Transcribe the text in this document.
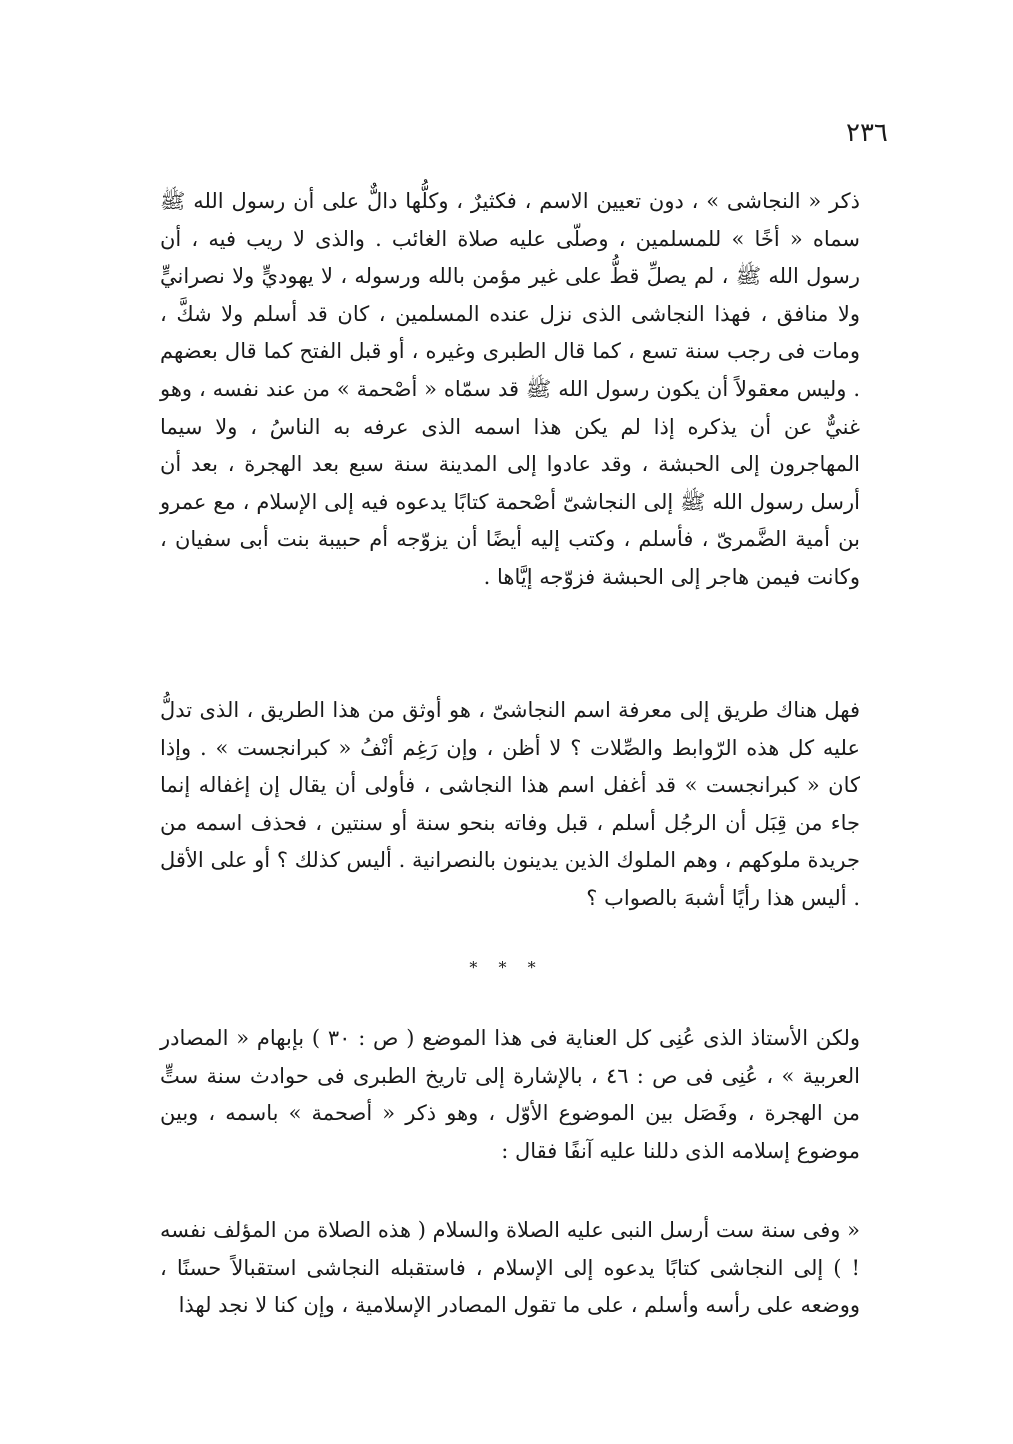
٢٣٦

ذكر « النجاشى » ، دون تعيين الاسم ، فكثيرٌ ، وكلُّها دالٌّ على أن رسول الله ﷺ سماه « أخًا » للمسلمين ، وصلّى عليه صلاة الغائب . والذى لا ريب فيه ، أن رسول الله ﷺ ، لم يصلِّ قطُّ على غير مؤمن بالله ورسوله ، لا يهوديٍّ ولا نصرانيٍّ ولا منافق ، فهذا النجاشى الذى نزل عنده المسلمين ، كان قد أسلم ولا شكَّ ، ومات فى رجب سنة تسع ، كما قال الطبرى وغيره ، أو قبل الفتح كما قال بعضهم . وليس معقولاً أن يكون رسول الله ﷺ قد سمّاه « أصْحمة » من عند نفسه ، وهو غنيٌّ عن أن يذكره إذا لم يكن هذا اسمه الذى عرفه به الناسُ ، ولا سيما المهاجرون إلى الحبشة ، وقد عادوا إلى المدينة سنة سبع بعد الهجرة ، بعد أن أرسل رسول الله ﷺ إلى النجاشىّ أصْحمة كتابًا يدعوه فيه إلى الإسلام ، مع عمرو بن أمية الضَّمرىّ ، فأسلم ، وكتب إليه أيضًا أن يزوّجه أم حبيبة بنت أبى سفيان ، وكانت فيمن هاجر إلى الحبشة فزوّجه إيَّاها .

فهل هناك طريق إلى معرفة اسم النجاشىّ ، هو أوثق من هذا الطريق ، الذى تدلُّ عليه كل هذه الرّوابط والصِّلات ؟ لا أظن ، وإن رَغِم أنْفُ « كبرانجست » . وإذا كان « كبرانجست » قد أغفل اسم هذا النجاشى ، فأولى أن يقال إن إغفاله إنما جاء من قِبَل أن الرجُل أسلم ، قبل وفاته بنحو سنة أو سنتين ، فحذف اسمه من جريدة ملوكهم ، وهم الملوك الذين يدينون بالنصرانية . أليس كذلك ؟ أو على الأقل . أليس هذا رأيًا أشبهَ بالصواب ؟

* * *

ولكن الأستاذ الذى عُنِى كل العناية فى هذا الموضع ( ص : ٣٠ ) بإبهام « المصادر العربية » ، عُنِى فى ص : ٤٦ ، بالإشارة إلى تاريخ الطبرى فى حوادث سنة ستٍّ من الهجرة ، وفَصَل بين الموضوع الأوّل ، وهو ذكر « أصحمة » باسمه ، وبين موضوع إسلامه الذى دللنا عليه آنفًا فقال :

« وفى سنة ست أرسل النبى عليه الصلاة والسلام ( هذه الصلاة من المؤلف نفسه ! ) إلى النجاشى كتابًا يدعوه إلى الإسلام ، فاستقبله النجاشى استقبالاً حسنًا ، ووضعه على رأسه وأسلم ، على ما تقول المصادر الإسلامية ، وإن كنا لا نجد لهذا
